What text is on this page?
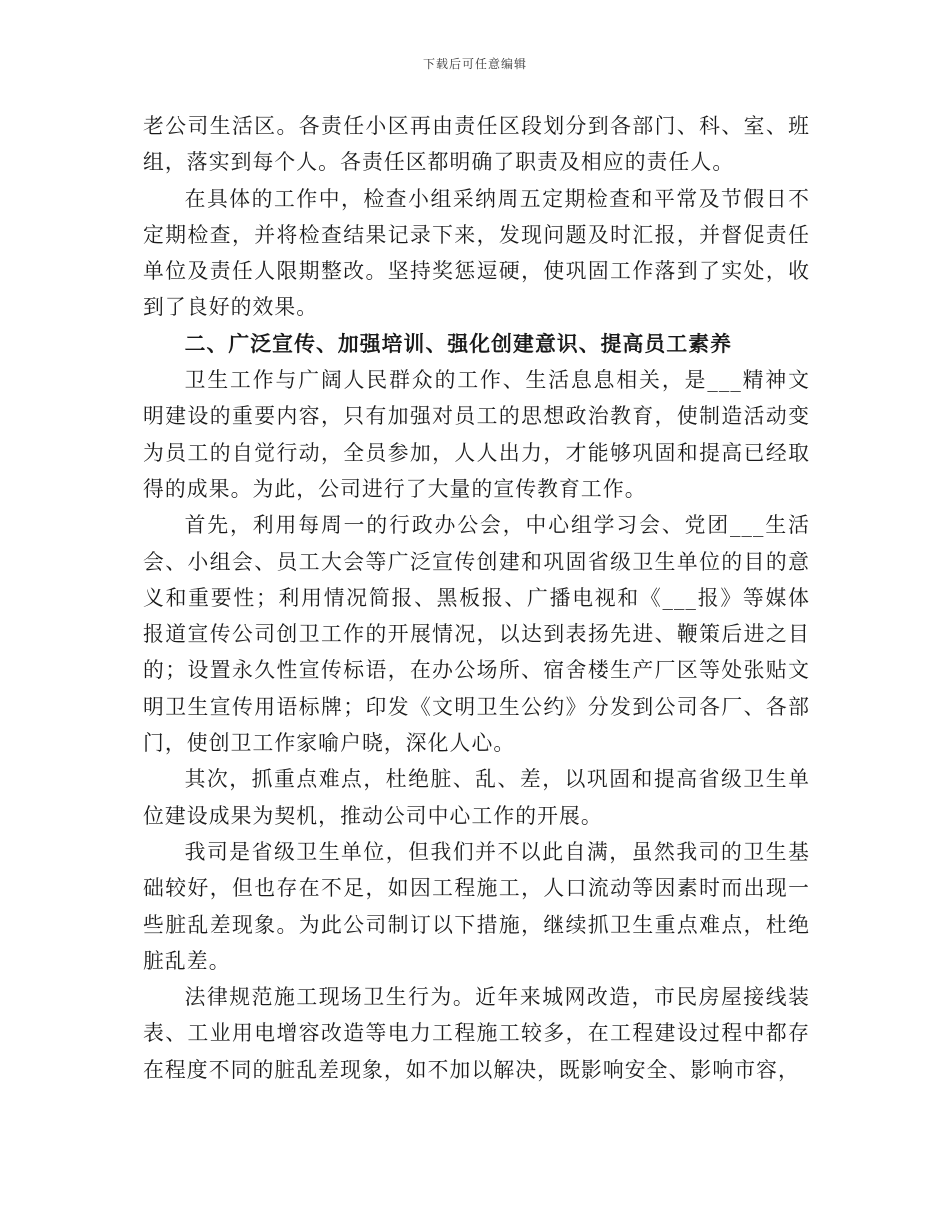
下载后可任意编辑

老公司生活区。各责任小区再由责任区段划分到各部门、科、室、班组，落实到每个人。各责任区都明确了职责及相应的责任人。

在具体的工作中，检查小组采纳周五定期检查和平常及节假日不定期检查，并将检查结果记录下来，发现问题及时汇报，并督促责任单位及责任人限期整改。坚持奖惩逗硬，使巩固工作落到了实处，收到了良好的效果。

二、广泛宣传、加强培训、强化创建意识、提高员工素养

卫生工作与广阔人民群众的工作、生活息息相关，是___精神文明建设的重要内容，只有加强对员工的思想政治教育，使制造活动变为员工的自觉行动，全员参加，人人出力，才能够巩固和提高已经取得的成果。为此，公司进行了大量的宣传教育工作。

首先，利用每周一的行政办公会，中心组学习会、党团___生活会、小组会、员工大会等广泛宣传创建和巩固省级卫生单位的目的意义和重要性；利用情况简报、黑板报、广播电视和《___报》等媒体报道宣传公司创卫工作的开展情况，以达到表扬先进、鞭策后进之目的；设置永久性宣传标语，在办公场所、宿舍楼生产厂区等处张贴文明卫生宣传用语标牌；印发《文明卫生公约》分发到公司各厂、各部门，使创卫工作家喻户晓，深化人心。

其次，抓重点难点，杜绝脏、乱、差，以巩固和提高省级卫生单位建设成果为契机，推动公司中心工作的开展。

我司是省级卫生单位，但我们并不以此自满，虽然我司的卫生基础较好，但也存在不足，如因工程施工，人口流动等因素时而出现一些脏乱差现象。为此公司制订以下措施，继续抓卫生重点难点，杜绝脏乱差。

法律规范施工现场卫生行为。近年来城网改造，市民房屋接线装表、工业用电增容改造等电力工程施工较多，在工程建设过程中都存在程度不同的脏乱差现象，如不加以解决，既影响安全、影响市容，
